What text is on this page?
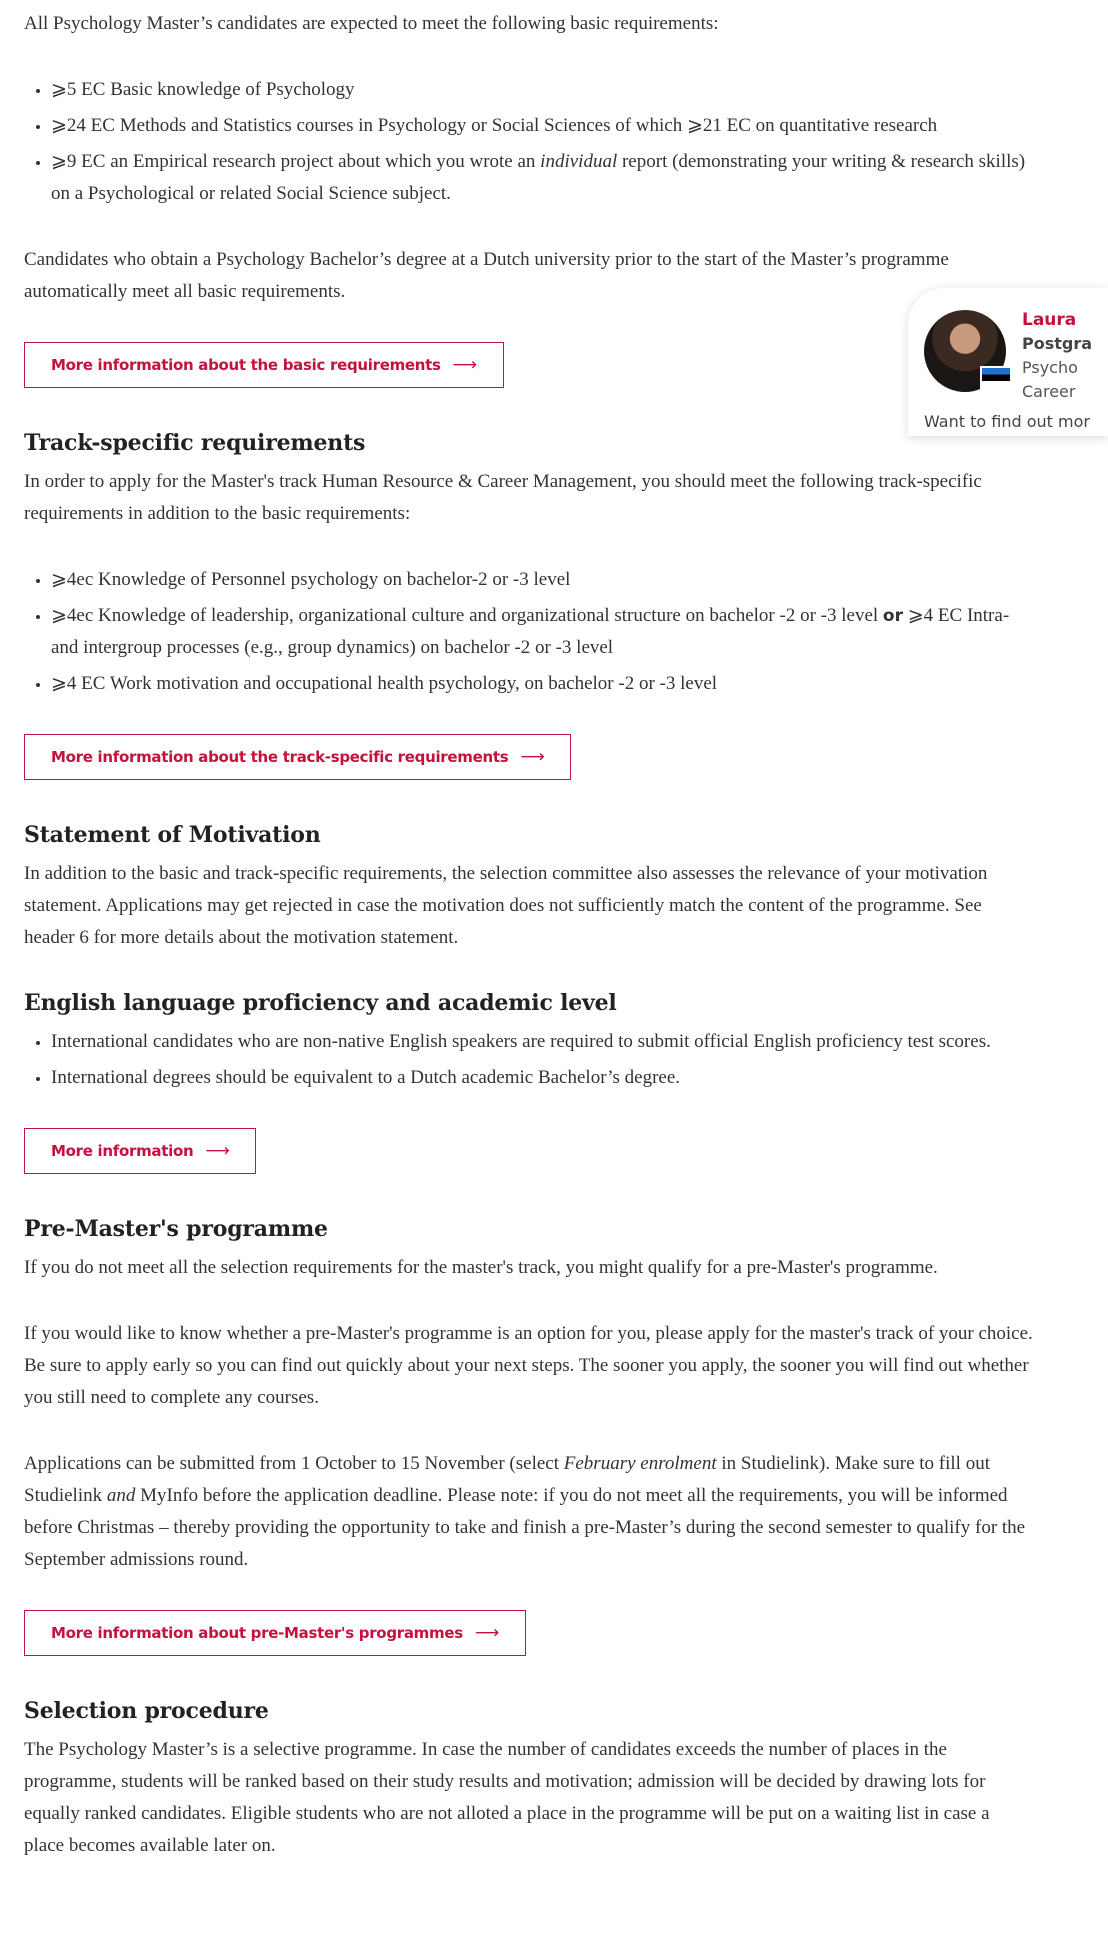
All Psychology Master’s candidates are expected to meet the following basic requirements:

• ⩾5 EC Basic knowledge of Psychology
• ⩾24 EC Methods and Statistics courses in Psychology or Social Sciences of which ⩾21 EC on quantitative research
• ⩾9 EC an Empirical research project about which you wrote an individual report (demonstrating your writing & research skills) on a Psychological or related Social Science subject.

Candidates who obtain a Psychology Bachelor’s degree at a Dutch university prior to the start of the Master’s programme automatically meet all basic requirements.

More information about the basic requirements ⟶
Track-specific requirements

In order to apply for the Master's track Human Resource & Career Management, you should meet the following track-specific requirements in addition to the basic requirements:

• ⩾4ec Knowledge of Personnel psychology on bachelor-2 or -3 level
• ⩾4ec Knowledge of leadership, organizational culture and organizational structure on bachelor -2 or -3 level or ⩾4 EC Intra- and intergroup processes (e.g., group dynamics) on bachelor -2 or -3 level
• ⩾4 EC Work motivation and occupational health psychology, on bachelor -2 or -3 level
More information about the track-specific requirements ⟶
Statement of Motivation

In addition to the basic and track-specific requirements, the selection committee also assesses the relevance of your motivation statement. Applications may get rejected in case the motivation does not sufficiently match the content of the programme. See header 6 for more details about the motivation statement.

English language proficiency and academic level
• International candidates who are non-native English speakers are required to submit official English proficiency test scores.
• International degrees should be equivalent to a Dutch academic Bachelor’s degree.
More information ⟶
Pre-Master's programme

If you do not meet all the selection requirements for the master's track, you might qualify for a pre-Master's programme.

If you would like to know whether a pre-Master's programme is an option for you, please apply for the master's track of your choice. Be sure to apply early so you can find out quickly about your next steps. The sooner you apply, the sooner you will find out whether you still need to complete any courses.

Applications can be submitted from 1 October to 15 November (select February enrolment in Studielink). Make sure to fill out Studielink and MyInfo before the application deadline. Please note: if you do not meet all the requirements, you will be informed before Christmas – thereby providing the opportunity to take and finish a pre-Master’s during the second semester to qualify for the September admissions round.

More information about pre-Master's programmes ⟶
Selection procedure

The Psychology Master’s is a selective programme. In case the number of candidates exceeds the number of places in the programme, students will be ranked based on their study results and motivation; admission will be decided by drawing lots for equally ranked candidates. Eligible students who are not alloted a place in the programme will be put on a waiting list in case a place becomes available later on.

Laura
Postgra
Psycho
Career
Want to find out mor
